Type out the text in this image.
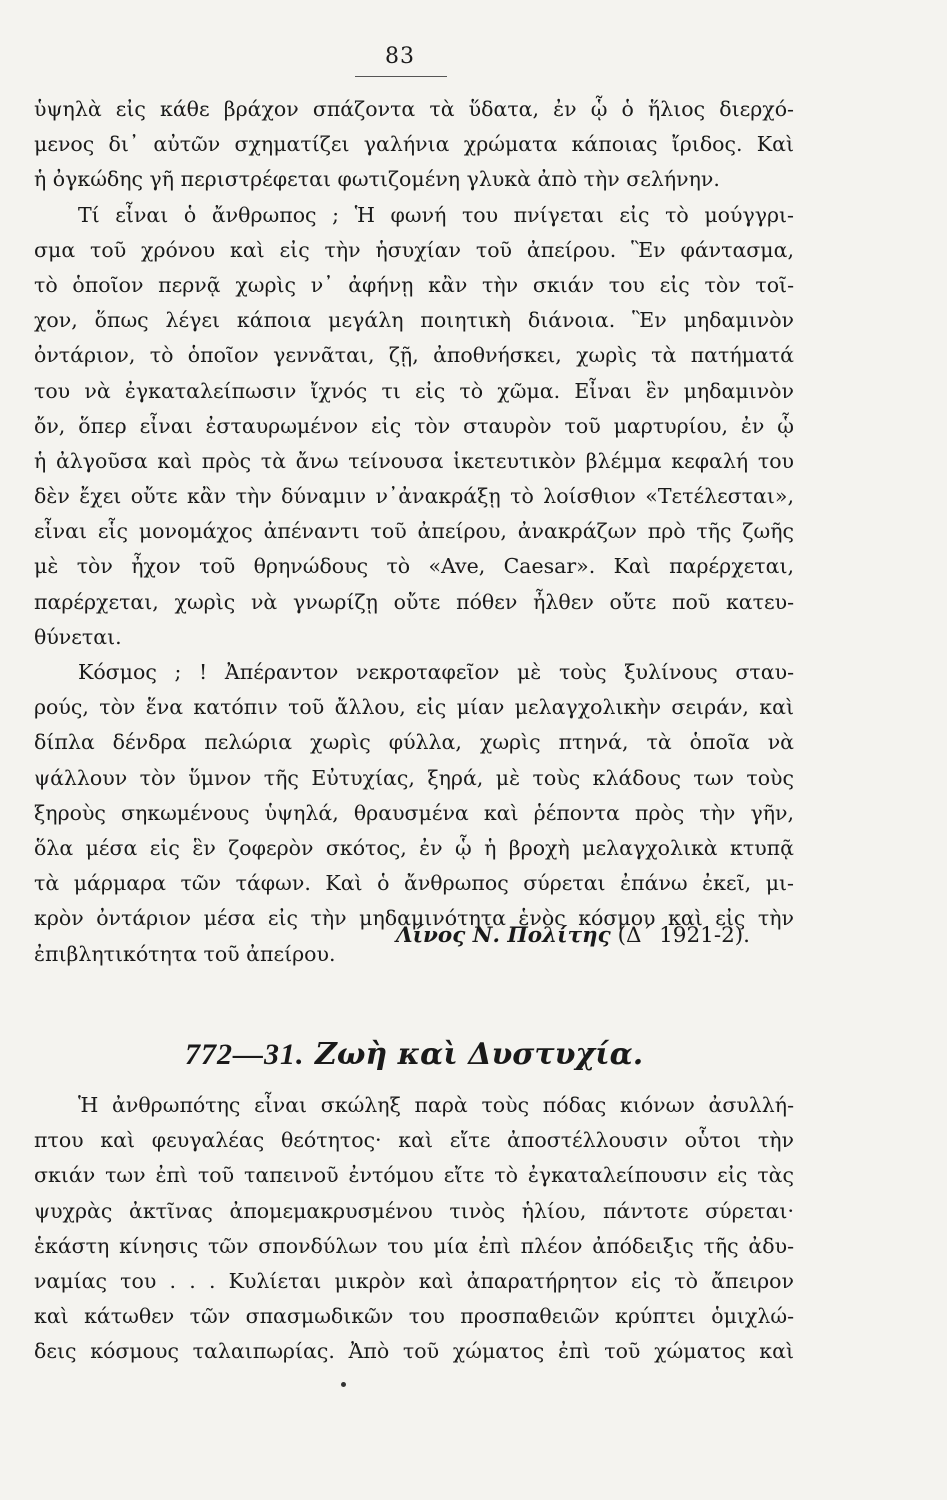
83
ὑψηλὰ εἰς κάθε βράχον σπάζοντα τὰ ὕδατα, ἐν ᾧ ὁ ἥλιος διερχό-
μενος δι᾽ αὐτῶν σχηματίζει γαλήνια χρώματα κάποιας ἴριδος. Καὶ
ἡ ὀγκώδης γῆ περιστρέφεται φωτιζομένη γλυκὰ ἀπὸ τὴν σελήνην.
Τί εἶναι ὁ ἄνθρωπος ; Ἡ φωνή του πνίγεται εἰς τὸ μούγγρι-
σμα τοῦ χρόνου καὶ εἰς τὴν ἡσυχίαν τοῦ ἀπείρου. Ἓν φάντασμα,
τὸ ὁποῖον περνᾷ χωρὶς ν᾽ ἀφήνῃ κἂν τὴν σκιάν του εἰς τὸν τοῖ-
χον, ὅπως λέγει κάποια μεγάλη ποιητικὴ διάνοια. Ἓν μηδαμινὸν
ὀντάριον, τὸ ὁποῖον γεννᾶται, ζῇ, ἀποθνήσκει, χωρὶς τὰ πατήματά
του νὰ ἐγκαταλείπωσιν ἴχνός τι εἰς τὸ χῶμα. Εἶναι ἓν μηδαμινὸν
ὄν, ὅπερ εἶναι ἐσταυρωμένον εἰς τὸν σταυρὸν τοῦ μαρτυρίου, ἐν ᾧ
ἡ ἀλγοῦσα καὶ πρὸς τὰ ἄνω τείνουσα ἱκετευτικὸν βλέμμα κεφαλή του
δὲν ἔχει οὔτε κἂν τὴν δύναμιν ν᾽ἀνακράξῃ τὸ λοίσθιον «Τετέλεσται»,
εἶναι εἷς μονομάχος ἀπέναντι τοῦ ἀπείρου, ἀνακράζων πρὸ τῆς ζωῆς
μὲ τὸν ἦχον τοῦ θρηνώδους τὸ «Ave, Caesar». Καὶ παρέρχεται,
παρέρχεται, χωρὶς νὰ γνωρίζῃ οὔτε πόθεν ἦλθεν οὔτε ποῦ κατευ-
θύνεται.
Κόσμος ; ! Ἀπέραντον νεκροταφεῖον μὲ τοὺς ξυλίνους σταυ-
ρούς, τὸν ἕνα κατόπιν τοῦ ἄλλου, εἰς μίαν μελαγχολικὴν σειράν, καὶ
δίπλα δένδρα πελώρια χωρὶς φύλλα, χωρὶς πτηνά, τὰ ὁποῖα νὰ
ψάλλουν τὸν ὕμνον τῆς Εὐτυχίας, ξηρά, μὲ τοὺς κλάδους των τοὺς
ξηροὺς σηκωμένους ὑψηλά, θραυσμένα καὶ ῥέποντα πρὸς τὴν γῆν,
ὅλα μέσα εἰς ἓν ζοφερὸν σκότος, ἐν ᾧ ἡ βροχὴ μελαγχολικὰ κτυπᾷ
τὰ μάρμαρα τῶν τάφων. Καὶ ὁ ἄνθρωπος σύρεται ἐπάνω ἐκεῖ, μι-
κρὸν ὀντάριον μέσα εἰς τὴν μηδαμινότητα ἑνὸς κόσμου καὶ εἰς τὴν
ἐπιβλητικότητα τοῦ ἀπείρου.
Λίνος Ν. Πολίτης (Δ΄ 1921-2).
772—31. Ζωὴ καὶ Δυστυχία.
Ἡ ἀνθρωπότης εἶναι σκώληξ παρὰ τοὺς πόδας κιόνων ἀσυλλή-
πτου καὶ φευγαλέας θεότητος· καὶ εἴτε ἀποστέλλουσιν οὗτοι τὴν
σκιάν των ἐπὶ τοῦ ταπεινοῦ ἐντόμου εἴτε τὸ ἐγκαταλείπουσιν εἰς τὰς
ψυχρὰς ἀκτῖνας ἀπομεμακρυσμένου τινὸς ἡλίου, πάντοτε σύρεται·
ἑκάστη κίνησις τῶν σπονδύλων του μία ἐπὶ πλέον ἀπόδειξις τῆς ἀδυ-
ναμίας του . . . Κυλίεται μικρὸν καὶ ἀπαρατήρητον εἰς τὸ ἄπειρον
καὶ κάτωθεν τῶν σπασμωδικῶν του προσπαθειῶν κρύπτει ὁμιχλώ-
δεις κόσμους ταλαιπωρίας. Ἀπὸ τοῦ χώματος ἐπὶ τοῦ χώματος καὶ
